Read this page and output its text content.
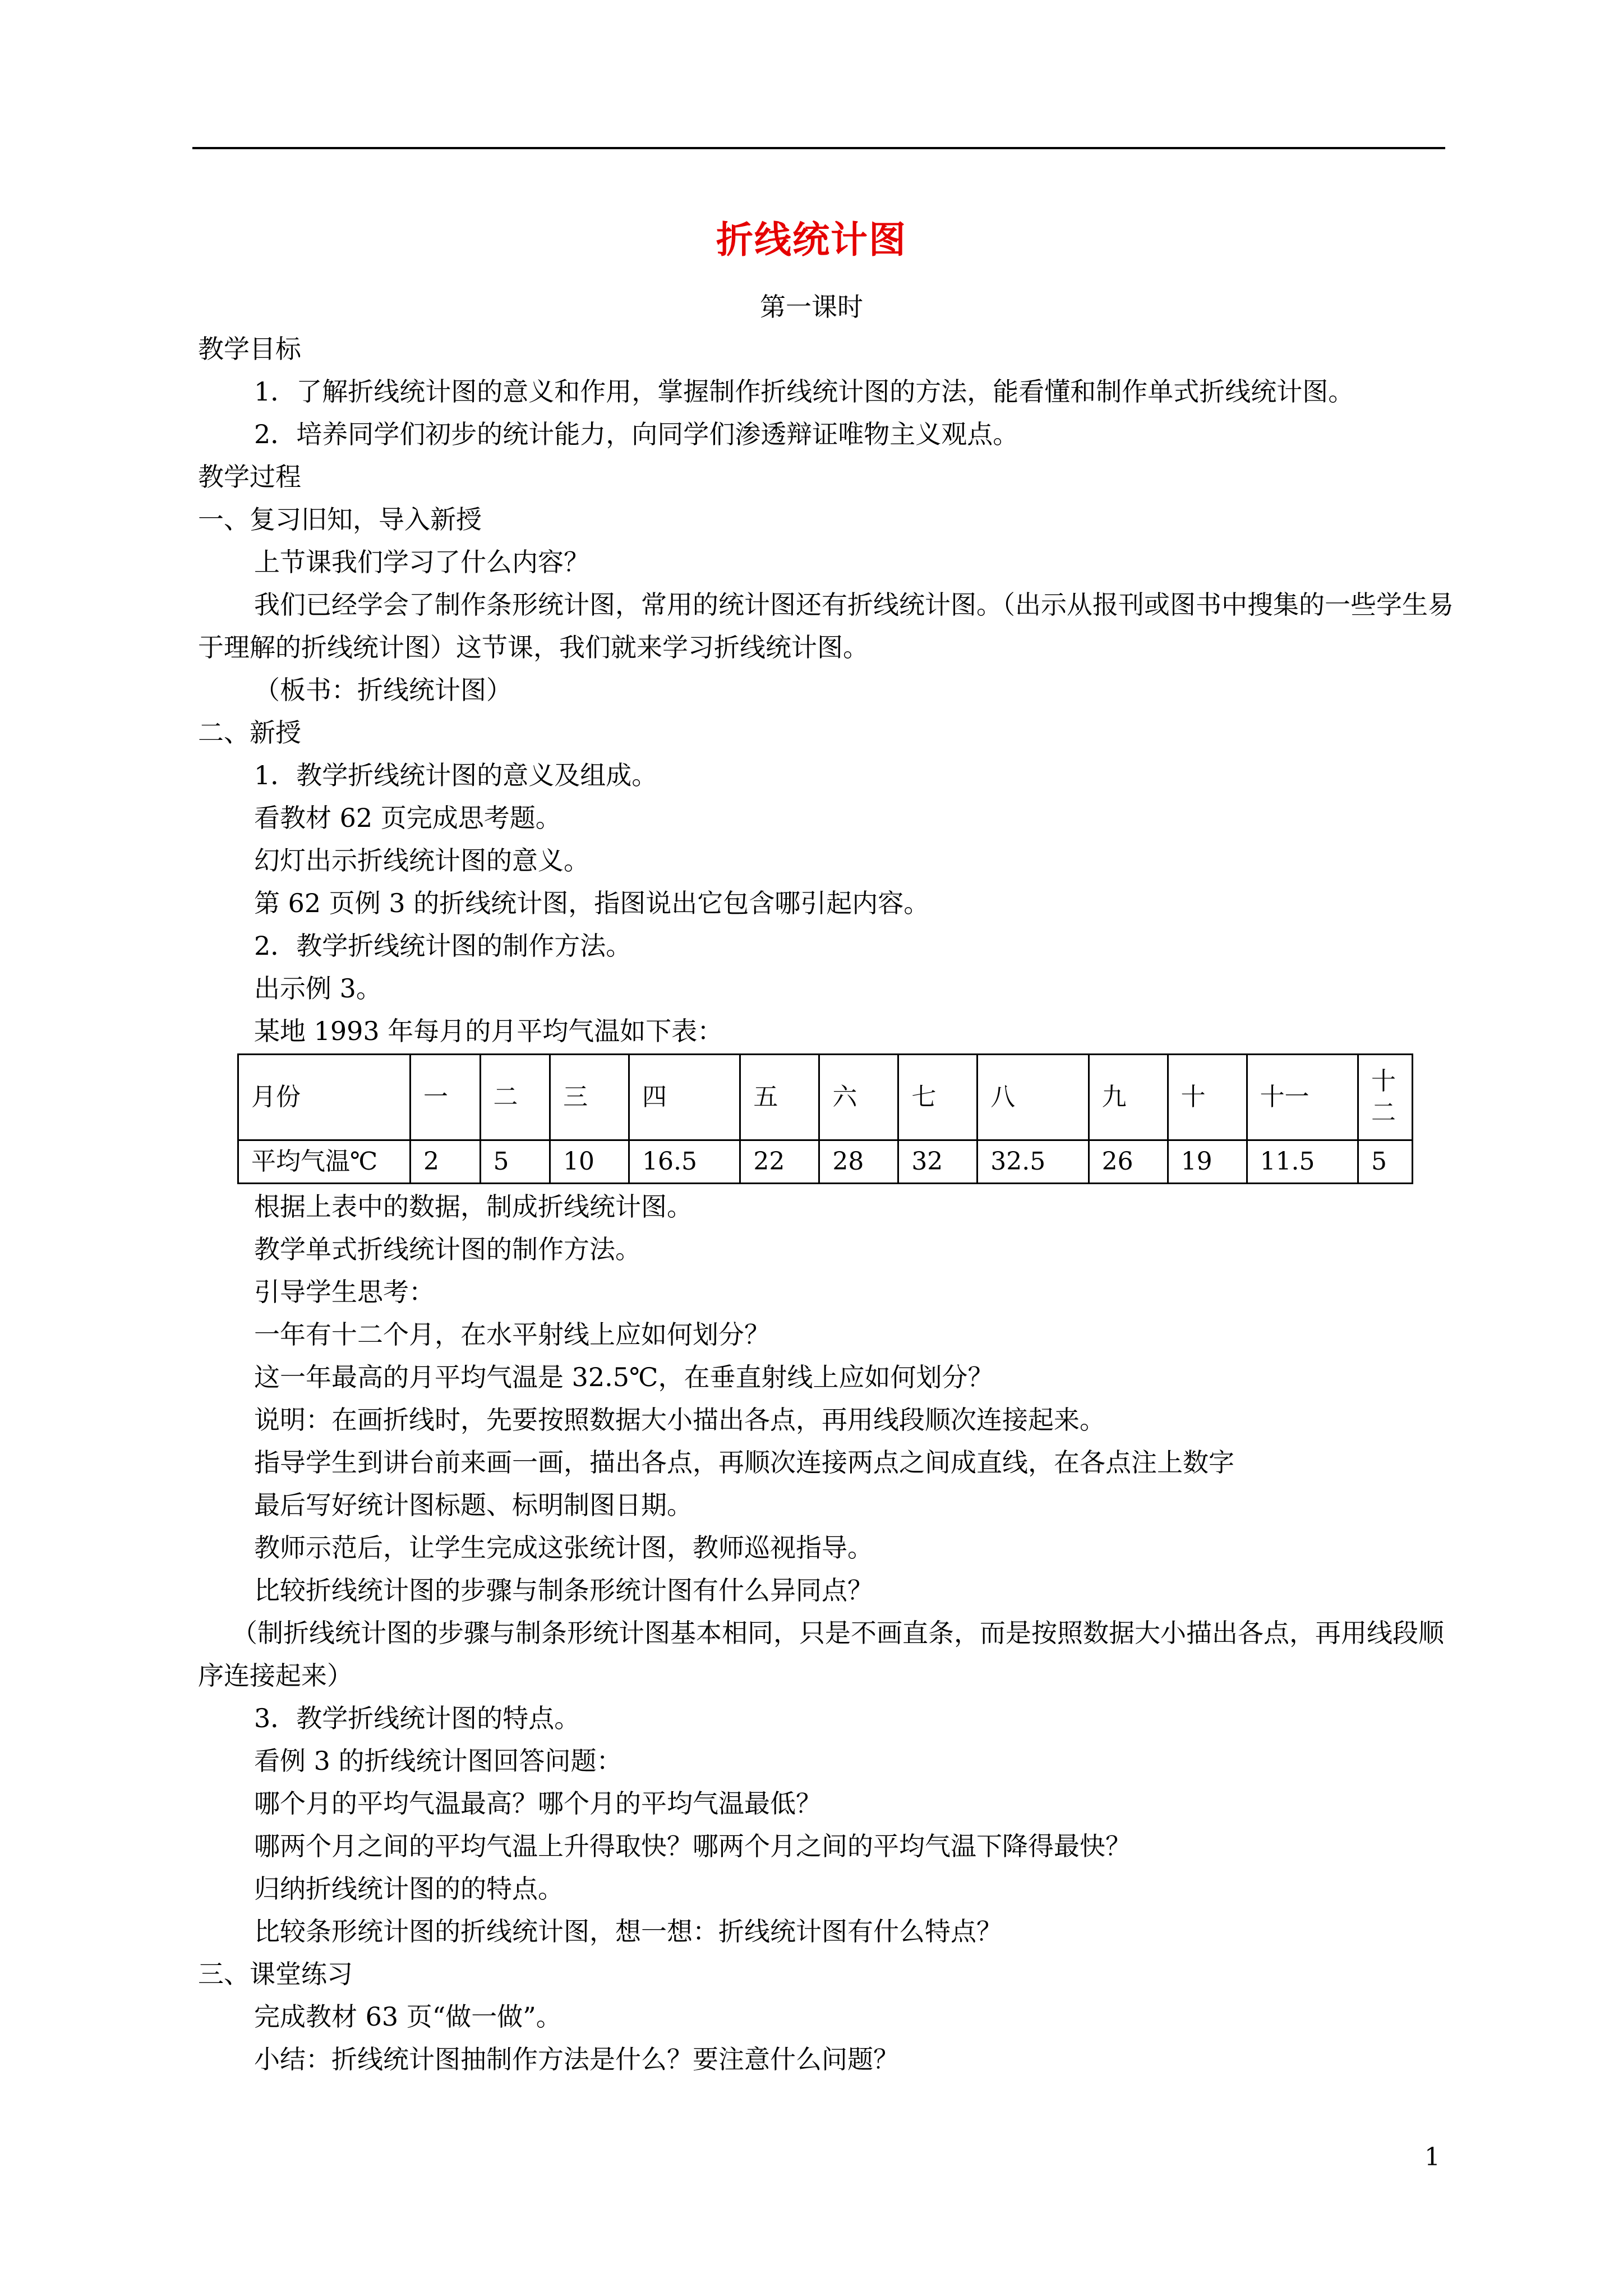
折线统计图
第一课时

教学目标

1．了解折线统计图的意义和作用，掌握制作折线统计图的方法，能看懂和制作单式折线统计图。

2．培养同学们初步的统计能力，向同学们渗透辩证唯物主义观点。

教学过程

一、复习旧知，导入新授

上节课我们学习了什么内容？

我们已经学会了制作条形统计图，常用的统计图还有折线统计图。（出示从报刊或图书中搜集的一些学生易于理解的折线统计图）这节课，我们就来学习折线统计图。

（板书：折线统计图）

二、新授

1．教学折线统计图的意义及组成。

看教材 62 页完成思考题。

幻灯出示折线统计图的意义。

第 62 页例 3 的折线统计图，指图说出它包含哪引起内容。

2．教学折线统计图的制作方法。

出示例 3。

某地 1993 年每月的月平均气温如下表：

月份	一	二	三	四	五	六	七	八	九	十	十一	十二
平均气温℃	2	5	10	16.5	22	28	32	32.5	26	19	11.5	5

根据上表中的数据，制成折线统计图。

教学单式折线统计图的制作方法。

引导学生思考：

一年有十二个月，在水平射线上应如何划分？

这一年最高的月平均气温是 32.5℃，在垂直射线上应如何划分？

说明：在画折线时，先要按照数据大小描出各点，再用线段顺次连接起来。

指导学生到讲台前来画一画，描出各点，再顺次连接两点之间成直线，在各点注上数字

最后写好统计图标题、标明制图日期。

教师示范后，让学生完成这张统计图，教师巡视指导。

比较折线统计图的步骤与制条形统计图有什么异同点？

（制折线统计图的步骤与制条形统计图基本相同，只是不画直条，而是按照数据大小描出各点，再用线段顺序连接起来）

3．教学折线统计图的特点。

看例 3 的折线统计图回答问题：

哪个月的平均气温最高？哪个月的平均气温最低？

哪两个月之间的平均气温上升得取快？哪两个月之间的平均气温下降得最快？

归纳折线统计图的的特点。

比较条形统计图的折线统计图，想一想：折线统计图有什么特点？

三、课堂练习

完成教材 63 页“做一做”。

小结：折线统计图抽制作方法是什么？要注意什么问题？

1
